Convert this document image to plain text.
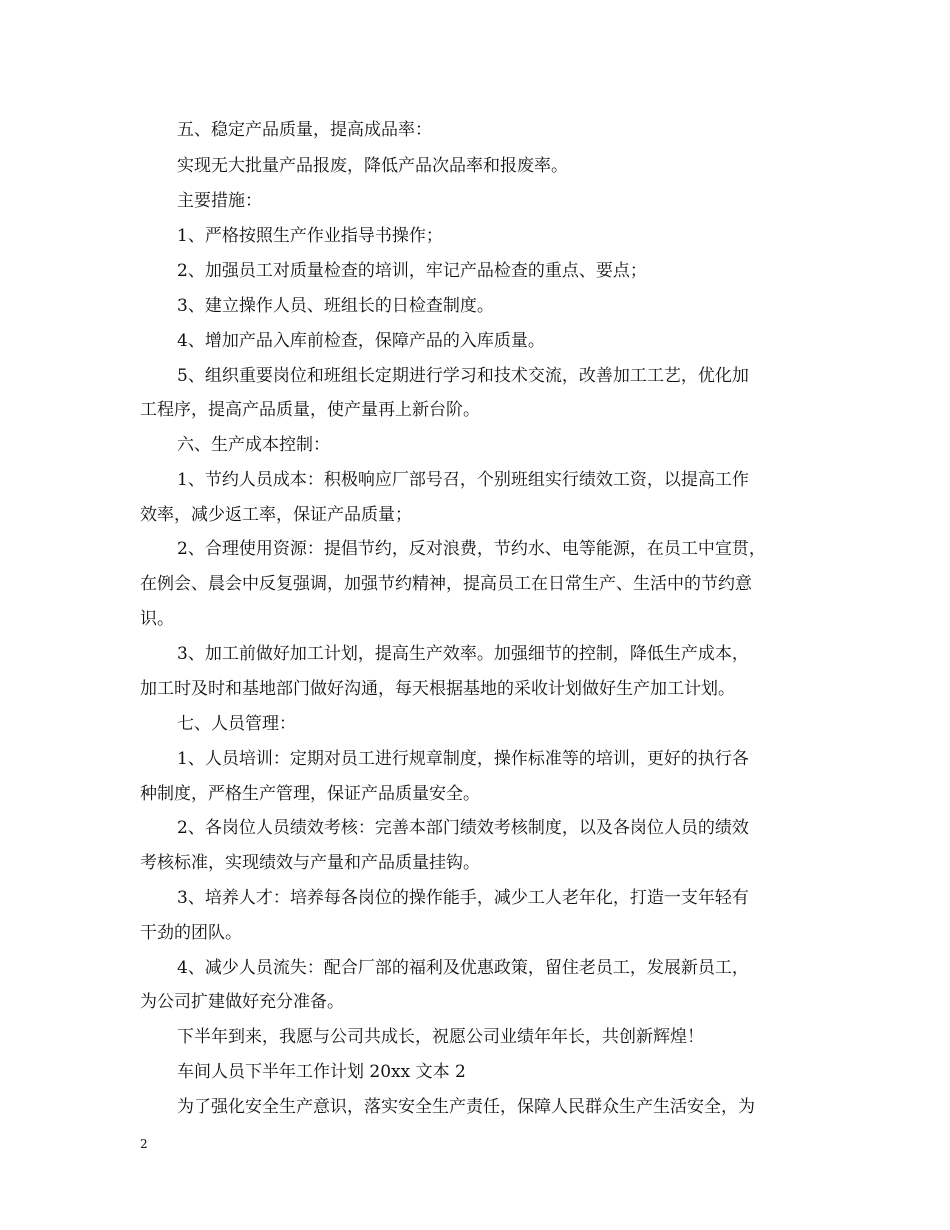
五、稳定产品质量，提高成品率：
实现无大批量产品报废，降低产品次品率和报废率。
主要措施：
1、严格按照生产作业指导书操作；
2、加强员工对质量检查的培训，牢记产品检查的重点、要点；
3、建立操作人员、班组长的日检查制度。
4、增加产品入库前检查，保障产品的入库质量。
5、组织重要岗位和班组长定期进行学习和技术交流，改善加工工艺，优化加
工程序，提高产品质量，使产量再上新台阶。
六、生产成本控制：
1、节约人员成本：积极响应厂部号召，个别班组实行绩效工资，以提高工作
效率，减少返工率，保证产品质量；
2、合理使用资源：提倡节约，反对浪费，节约水、电等能源，在员工中宣贯，
在例会、晨会中反复强调，加强节约精神，提高员工在日常生产、生活中的节约意
识。
3、加工前做好加工计划，提高生产效率。加强细节的控制，降低生产成本，
加工时及时和基地部门做好沟通，每天根据基地的采收计划做好生产加工计划。
七、人员管理：
1、人员培训：定期对员工进行规章制度，操作标准等的培训，更好的执行各
种制度，严格生产管理，保证产品质量安全。
2、各岗位人员绩效考核：完善本部门绩效考核制度，以及各岗位人员的绩效
考核标准，实现绩效与产量和产品质量挂钩。
3、培养人才：培养每各岗位的操作能手，减少工人老年化，打造一支年轻有
干劲的团队。
4、减少人员流失：配合厂部的福利及优惠政策，留住老员工，发展新员工，
为公司扩建做好充分准备。
下半年到来，我愿与公司共成长，祝愿公司业绩年年长，共创新辉煌！
车间人员下半年工作计划 20xx 文本 2
为了强化安全生产意识，落实安全生产责任，保障人民群众生产生活安全，为
2
